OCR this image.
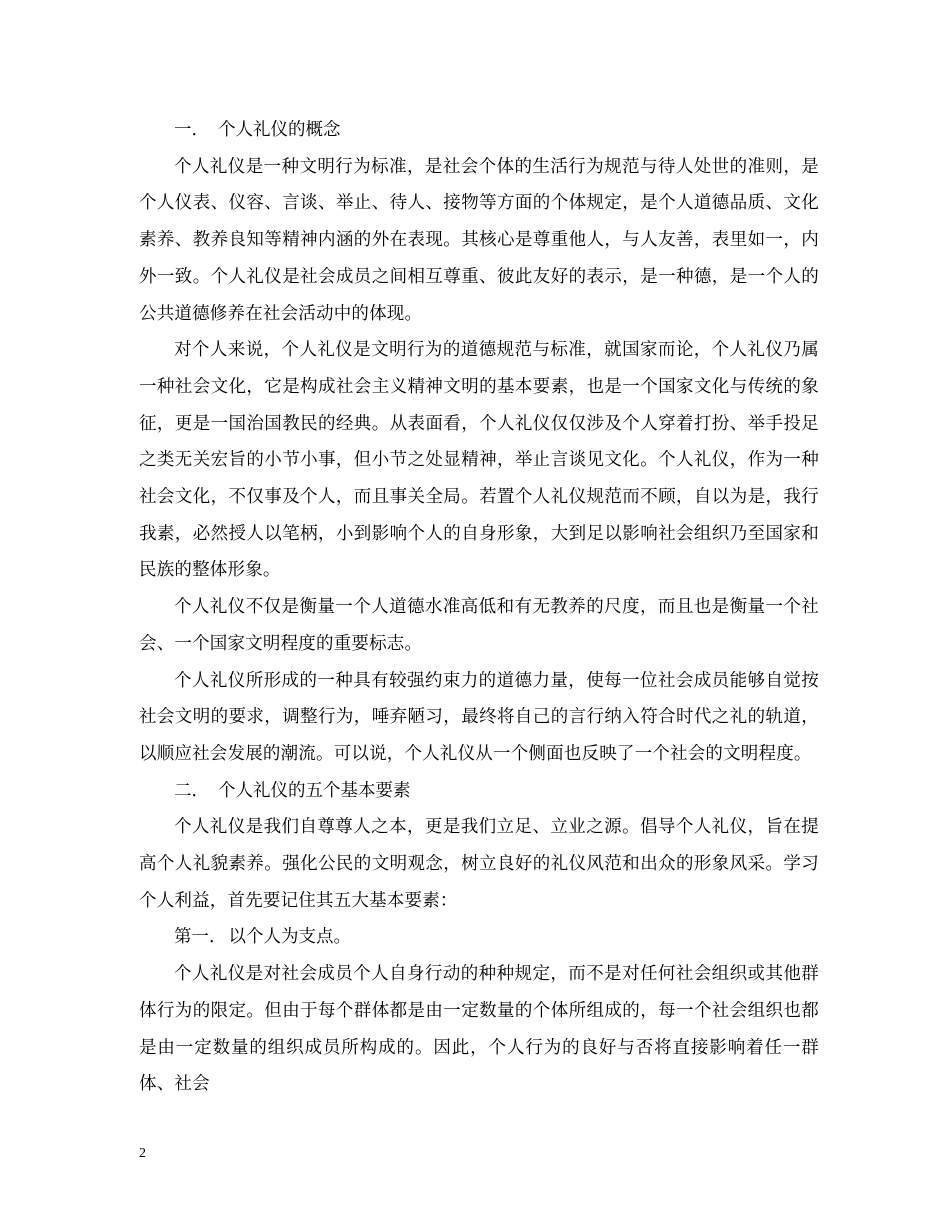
一． 个人礼仪的概念

个人礼仪是一种文明行为标准，是社会个体的生活行为规范与待人处世的准则，是个人仪表、仪容、言谈、举止、待人、接物等方面的个体规定，是个人道德品质、文化素养、教养良知等精神内涵的外在表现。其核心是尊重他人，与人友善，表里如一，内外一致。个人礼仪是社会成员之间相互尊重、彼此友好的表示，是一种德，是一个人的公共道德修养在社会活动中的体现。

对个人来说，个人礼仪是文明行为的道德规范与标准，就国家而论，个人礼仪乃属一种社会文化，它是构成社会主义精神文明的基本要素，也是一个国家文化与传统的象征，更是一国治国教民的经典。从表面看，个人礼仪仅仅涉及个人穿着打扮、举手投足之类无关宏旨的小节小事，但小节之处显精神，举止言谈见文化。个人礼仪，作为一种社会文化，不仅事及个人，而且事关全局。若置个人礼仪规范而不顾，自以为是，我行我素，必然授人以笔柄，小到影响个人的自身形象，大到足以影响社会组织乃至国家和民族的整体形象。

个人礼仪不仅是衡量一个人道德水准高低和有无教养的尺度，而且也是衡量一个社会、一个国家文明程度的重要标志。

个人礼仪所形成的一种具有较强约束力的道德力量，使每一位社会成员能够自觉按社会文明的要求，调整行为，唾弃陋习，最终将自己的言行纳入符合时代之礼的轨道，以顺应社会发展的潮流。可以说，个人礼仪从一个侧面也反映了一个社会的文明程度。

二． 个人礼仪的五个基本要素

个人礼仪是我们自尊尊人之本，更是我们立足、立业之源。倡导个人礼仪，旨在提高个人礼貌素养。强化公民的文明观念，树立良好的礼仪风范和出众的形象风采。学习个人利益，首先要记住其五大基本要素：

第一． 以个人为支点。

个人礼仪是对社会成员个人自身行动的种种规定，而不是对任何社会组织或其他群体行为的限定。但由于每个群体都是由一定数量的个体所组成的，每一个社会组织也都是由一定数量的组织成员所构成的。因此，个人行为的良好与否将直接影响着任一群体、社会

2
